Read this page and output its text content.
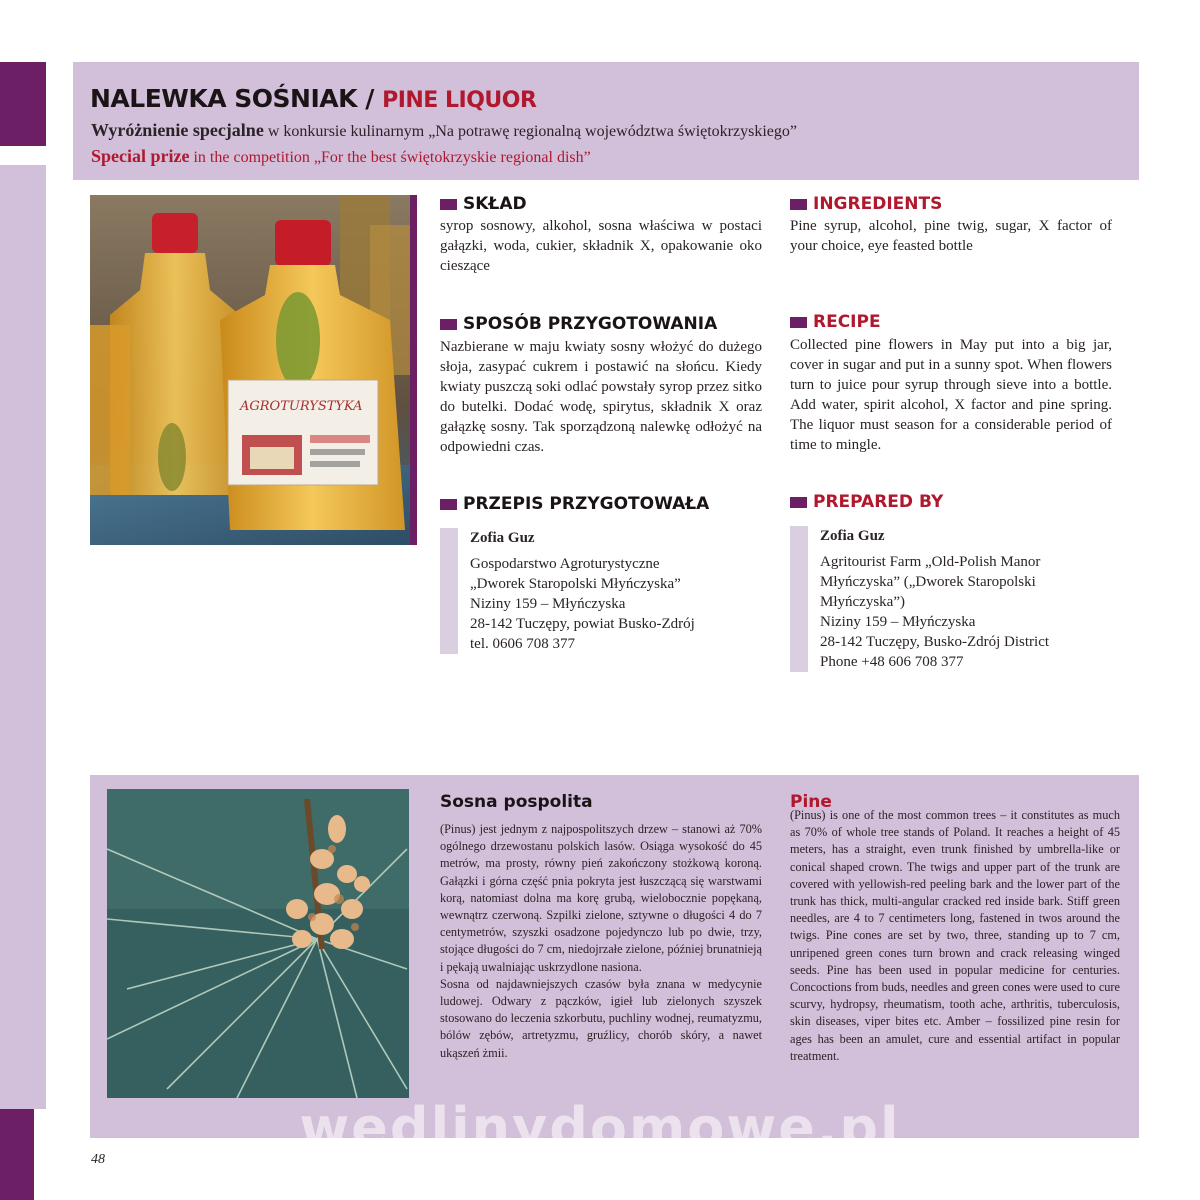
NALEWKA SOŚNIAK / PINE LIQUOR
Wyróżnienie specjalne w konkursie kulinarnym „Na potrawę regionalną województwa świętokrzyskiego”
Special prize in the competition „For the best świętokrzyskie regional dish”
AGROTURYSTYKA
SKŁAD
syrop sosnowy, alkohol, sosna właściwa w postaci gałązki, woda, cukier, składnik X, opakowanie oko cieszące
SPOSÓB PRZYGOTOWANIA
Nazbierane w maju kwiaty sosny włożyć do dużego słoja, zasypać cukrem i postawić na słońcu. Kiedy kwiaty puszczą soki odlać powstały syrop przez sitko do butelki. Dodać wodę, spirytus, składnik X oraz gałązkę sosny. Tak sporządzoną nalewkę odłożyć na odpowiedni czas.
PRZEPIS PRZYGOTOWAŁA
Zofia Guz
Gospodarstwo Agroturystyczne
„Dworek Staropolski Młyńczyska”
Niziny 159 – Młyńczyska
28-142 Tuczępy, powiat Busko-Zdrój
tel. 0606 708 377
INGREDIENTS
Pine syrup, alcohol, pine twig, sugar, X factor of your choice, eye feasted bottle
RECIPE
Collected pine flowers in May put into a big jar, cover in sugar and put in a sunny spot. When flowers turn to juice pour syrup through sieve into a bottle. Add water, spirit alcohol, X factor and pine spring. The liquor must season for a considerable period of time to mingle.
PREPARED BY
Zofia Guz
Agritourist Farm „Old-Polish Manor Młyńczyska” („Dworek Staropolski Młyńczyska”)
Niziny 159 – Młyńczyska
28-142 Tuczępy, Busko-Zdrój District
Phone +48 606 708 377
Sosna pospolita
(Pinus) jest jednym z najpospolitszych drzew – stanowi aż 70% ogólnego drzewostanu polskich lasów. Osiąga wysokość do 45 metrów, ma prosty, równy pień zakończony stożkową koroną. Gałązki i górna część pnia pokryta jest łuszczącą się warstwami korą, natomiast dolna ma korę grubą, wielobocznie popękaną, wewnątrz czerwoną. Szpilki zielone, sztywne o długości 4 do 7 centymetrów, szyszki osadzone pojedynczo lub po dwie, trzy, stojące długości do 7 cm, niedojrzałe zielone, później brunatnieją i pękają uwalniając uskrzydlone nasiona.
Sosna od najdawniejszych czasów była znana w medycynie ludowej. Odwary z pączków, igieł lub zielonych szyszek stosowano do leczenia szkorbutu, puchliny wodnej, reumatyzmu, bólów zębów, artretyzmu, gruźlicy, chorób skóry, a nawet ukąszeń żmii.
Pine
(Pinus) is one of the most common trees – it constitutes as much as 70% of whole tree stands of Poland. It reaches a height of 45 meters, has a straight, even trunk finished by umbrella-like or conical shaped crown. The twigs and upper part of the trunk are covered with yellowish-red peeling bark and the lower part of the trunk has thick, multi-angular cracked red inside bark. Stiff green needles, are 4 to 7 centimeters long, fastened in twos around the twigs. Pine cones are set by two, three, standing up to 7 cm, unripened green cones turn brown and crack releasing winged seeds. Pine has been used in popular medicine for centuries. Concoctions from buds, needles and green cones were used to cure scurvy, hydropsy, rheumatism, tooth ache, arthritis, tuberculosis, skin diseases, viper bites etc. Amber – fossilized pine resin for ages has been an amulet, cure and essential artifact in popular treatment.
wedlinydomowe.pl
48
